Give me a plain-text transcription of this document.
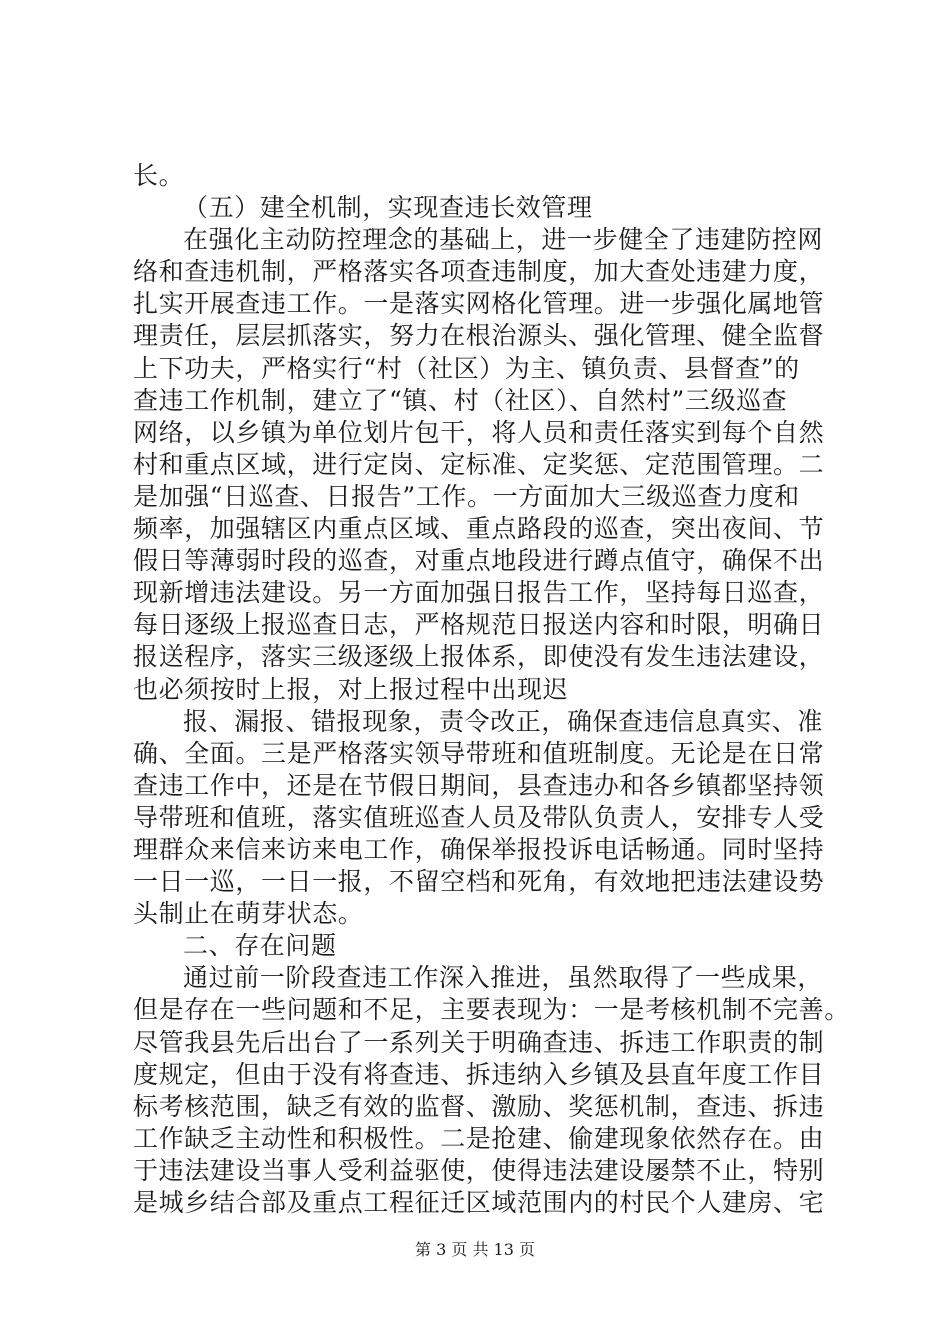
长。

（五）建全机制，实现查违长效管理

在强化主动防控理念的基础上，进一步健全了违建防控网

络和查违机制，严格落实各项查违制度，加大查处违建力度，

扎实开展查违工作。一是落实网格化管理。进一步强化属地管

理责任，层层抓落实，努力在根治源头、强化管理、健全监督

上下功夫，严格实行“村（社区）为主、镇负责、县督查”的

查违工作机制，建立了“镇、村（社区）、自然村”三级巡查

网络，以乡镇为单位划片包干，将人员和责任落实到每个自然

村和重点区域，进行定岗、定标准、定奖惩、定范围管理。二

是加强“日巡查、日报告”工作。一方面加大三级巡查力度和

频率，加强辖区内重点区域、重点路段的巡查，突出夜间、节

假日等薄弱时段的巡查，对重点地段进行蹲点值守，确保不出

现新增违法建设。另一方面加强日报告工作，坚持每日巡查，

每日逐级上报巡查日志，严格规范日报送内容和时限，明确日

报送程序，落实三级逐级上报体系，即使没有发生违法建设，

也必须按时上报，对上报过程中出现迟

报、漏报、错报现象，责令改正，确保查违信息真实、准

确、全面。三是严格落实领导带班和值班制度。无论是在日常

查违工作中，还是在节假日期间，县查违办和各乡镇都坚持领

导带班和值班，落实值班巡查人员及带队负责人，安排专人受

理群众来信来访来电工作，确保举报投诉电话畅通。同时坚持

一日一巡，一日一报，不留空档和死角，有效地把违法建设势

头制止在萌芽状态。

二、存在问题

通过前一阶段查违工作深入推进，虽然取得了一些成果，

但是存在一些问题和不足，主要表现为：一是考核机制不完善。

尽管我县先后出台了一系列关于明确查违、拆违工作职责的制

度规定，但由于没有将查违、拆违纳入乡镇及县直年度工作目

标考核范围，缺乏有效的监督、激励、奖惩机制，查违、拆违

工作缺乏主动性和积极性。二是抢建、偷建现象依然存在。由

于违法建设当事人受利益驱使，使得违法建设屡禁不止，特别

是城乡结合部及重点工程征迁区域范围内的村民个人建房、宅

第 3 页 共 13 页
